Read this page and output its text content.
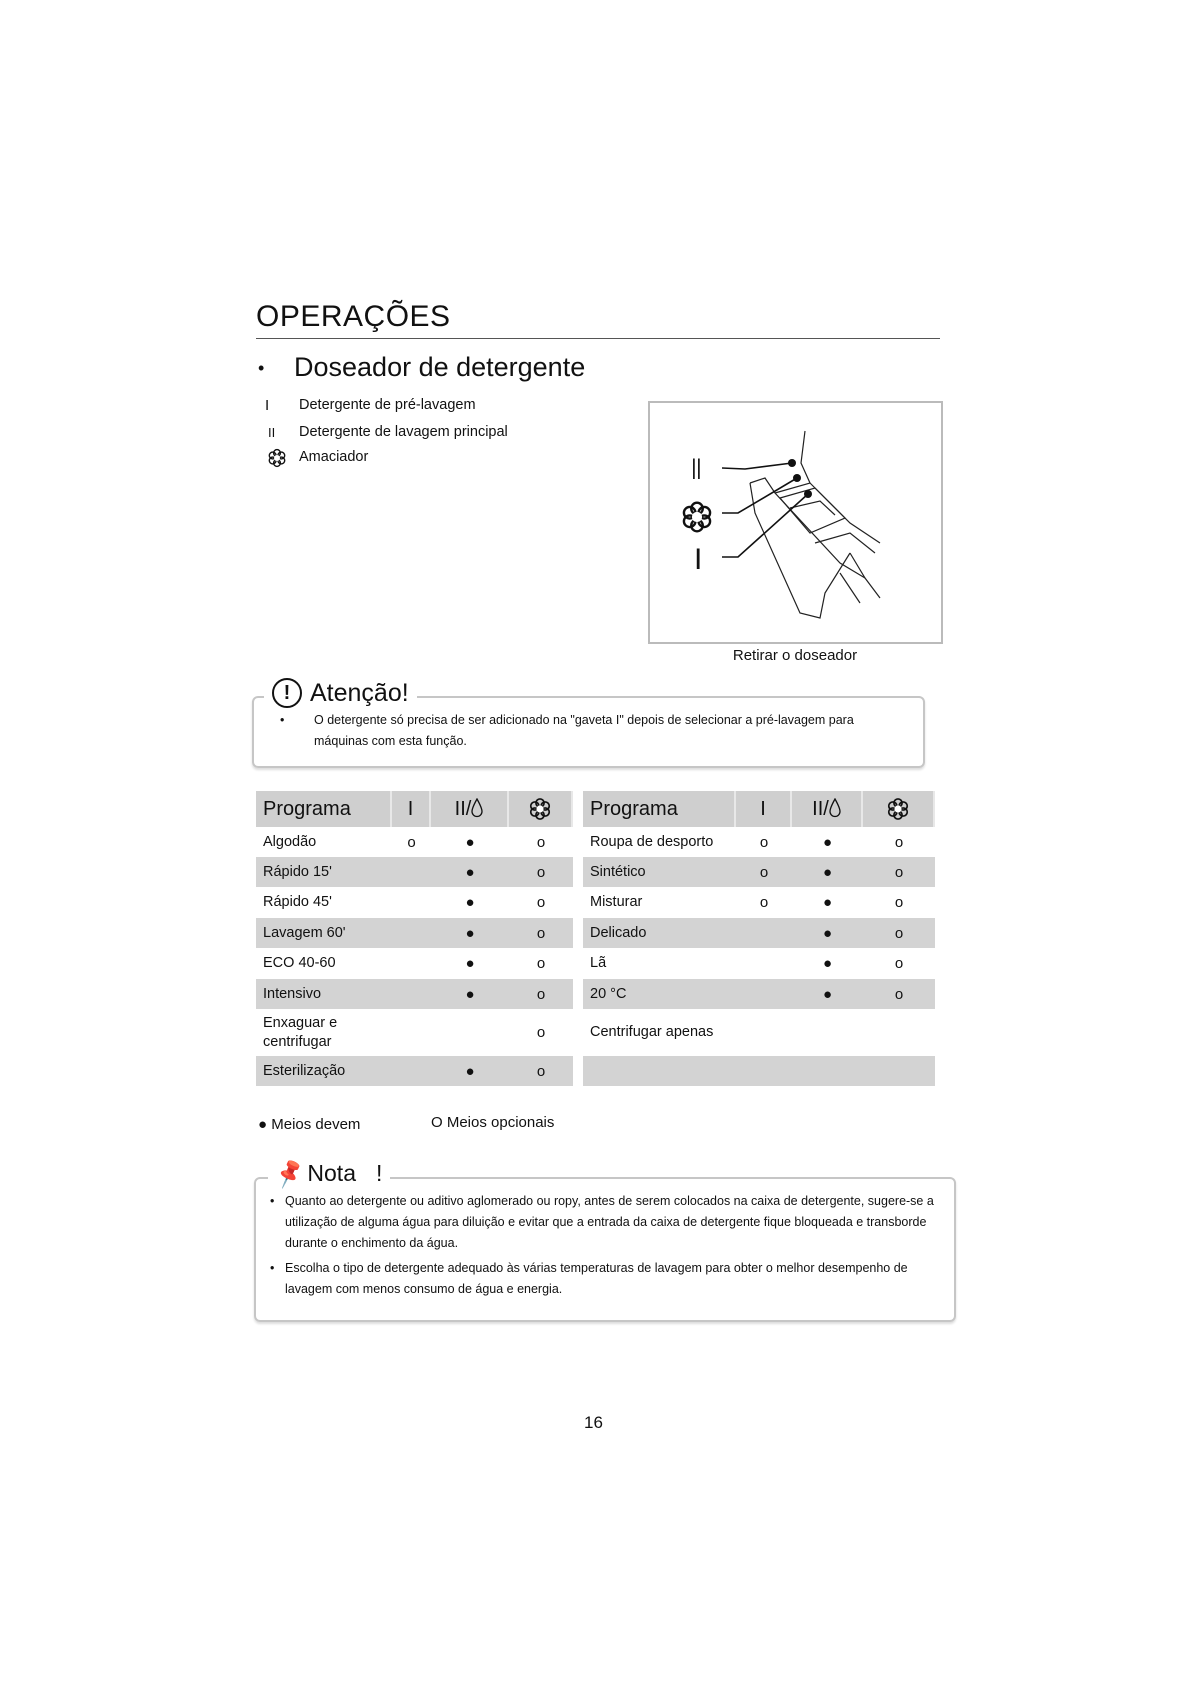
OPERAÇÕES
• Doseador de detergente
I Detergente de pré-lavagem
II Detergente de lavagem principal
Amaciador	II
I
Retirar o doseador
! Atenção!
• O detergente só precisa de ser adicionado na "gaveta I" depois de selecionar a pré-lavagem para máquinas com esta função.
Programa	I	II/	
Algodão	o	●	o
Rápido 15'		●	o
Rápido 45'		●	o
Lavagem 60'		●	o
ECO 40-60		●	o
Intensivo		●	o
Enxaguar e centrifugar			o
Esterilização		●	o
Programa	I	II/	
Roupa de desporto	o	●	o
Sintético	o	●	o
Misturar	o	●	o
Delicado		●	o
Lã		●	o
20 °C		●	o
Centrifugar apenas			

● Meios devem	O Meios opcionais
📌 Nota !
• Quanto ao detergente ou aditivo aglomerado ou ropy, antes de serem colocados na caixa de detergente, sugere-se a utilização de alguma água para diluição e evitar que a entrada da caixa de detergente fique bloqueada e transborde durante o enchimento da água.
• Escolha o tipo de detergente adequado às várias temperaturas de lavagem para obter o melhor desempenho de lavagem com menos consumo de água e energia.
16
